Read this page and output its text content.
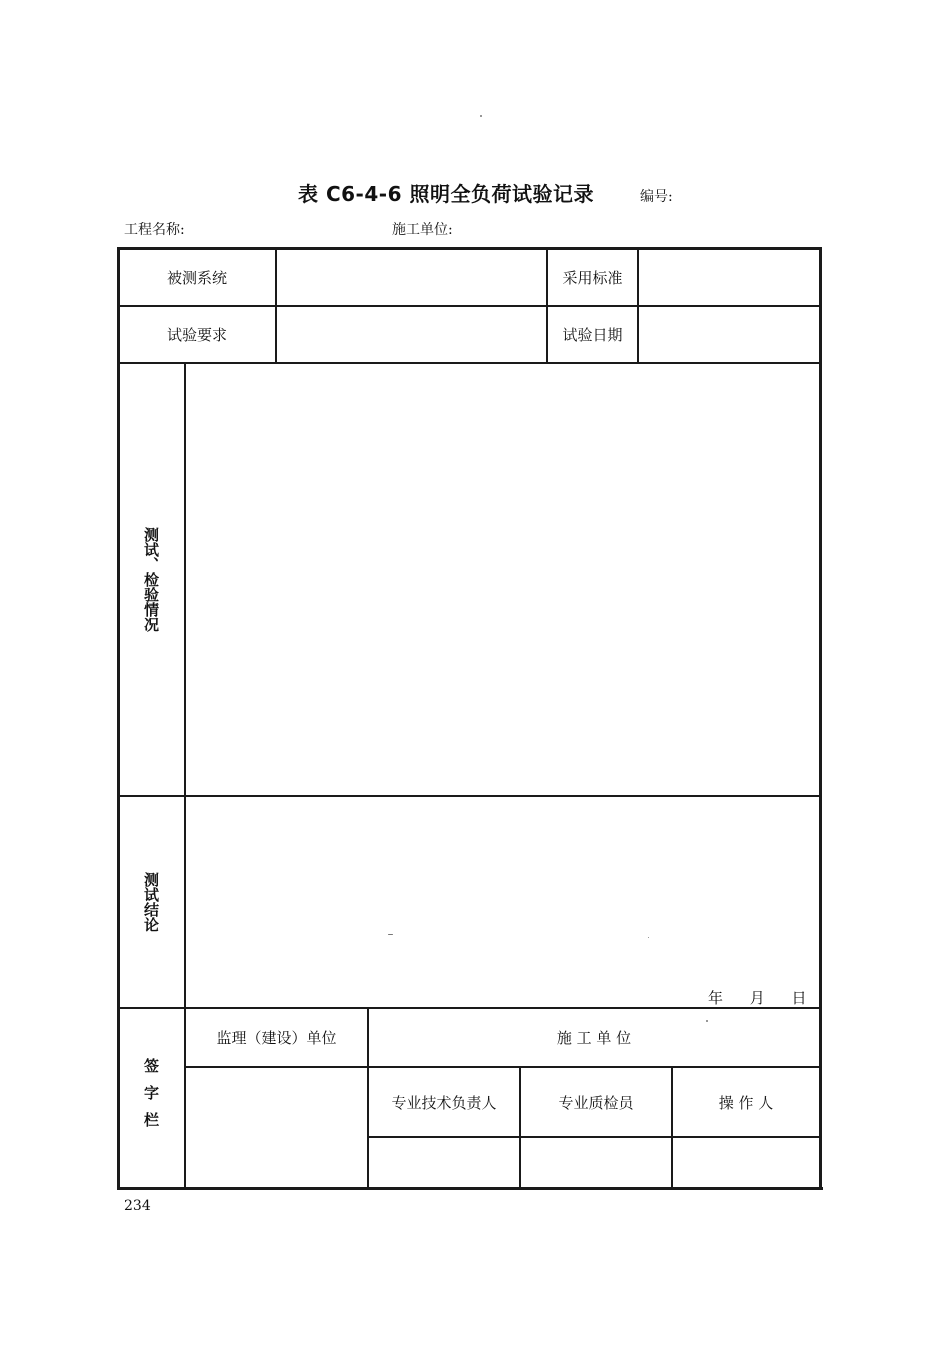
表 C6-4-6 照明全负荷试验记录	编号:
工程名称:	施工单位:
被测系统	采用标准
试验要求	试验日期
测试、检验情况
测试结论
年 月 日
签字栏
监理（建设）单位	施 工 单 位
专业技术负责人	专业质检员	操 作 人
234
